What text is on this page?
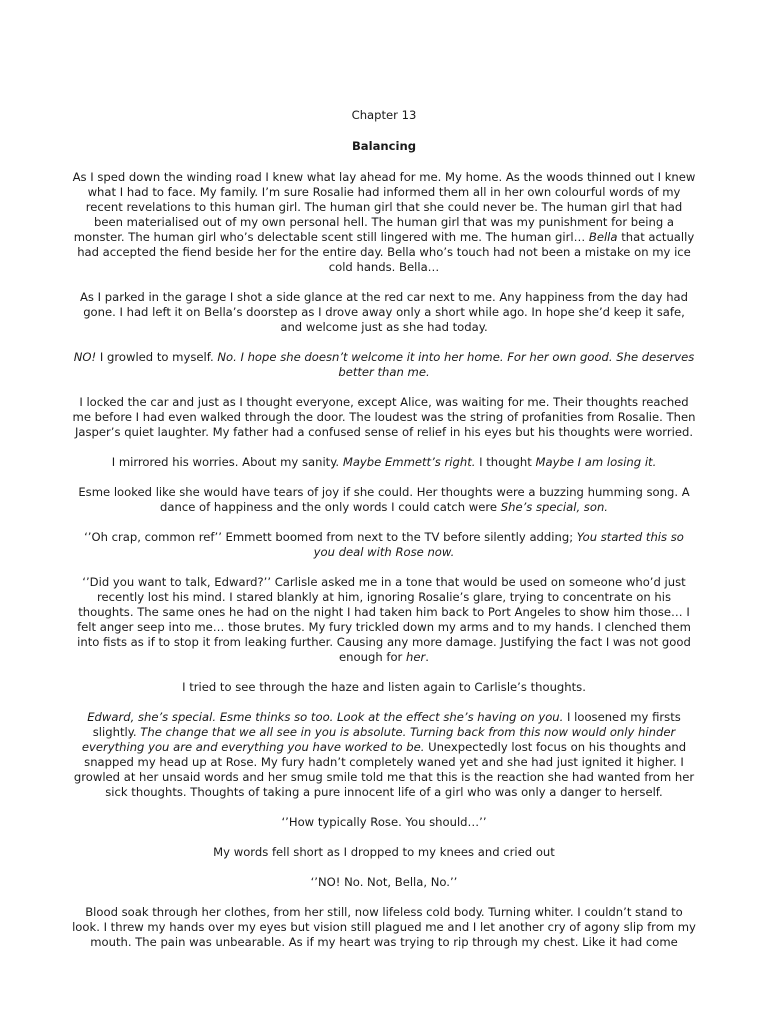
Chapter 13
Balancing

As I sped down the winding road I knew what lay ahead for me. My home. As the woods thinned out I knew what I had to face. My family. I’m sure Rosalie had informed them all in her own colourful words of my recent revelations to this human girl. The human girl that she could never be. The human girl that had been materialised out of my own personal hell. The human girl that was my punishment for being a monster. The human girl who’s delectable scent still lingered with me. The human girl… Bella that actually had accepted the fiend beside her for the entire day. Bella who’s touch had not been a mistake on my ice cold hands. Bella…

As I parked in the garage I shot a side glance at the red car next to me. Any happiness from the day had gone. I had left it on Bella’s doorstep as I drove away only a short while ago. In hope she’d keep it safe, and welcome just as she had today.

NO! I growled to myself. No. I hope she doesn’t welcome it into her home. For her own good. She deserves better than me.

I locked the car and just as I thought everyone, except Alice, was waiting for me. Their thoughts reached me before I had even walked through the door. The loudest was the string of profanities from Rosalie. Then Jasper’s quiet laughter. My father had a confused sense of relief in his eyes but his thoughts were worried.

I mirrored his worries. About my sanity. Maybe Emmett’s right. I thought Maybe I am losing it.

Esme looked like she would have tears of joy if she could. Her thoughts were a buzzing humming song. A dance of happiness and the only words I could catch were She’s special, son.

‘’Oh crap, common ref’’ Emmett boomed from next to the TV before silently adding; You started this so you deal with Rose now.

‘’Did you want to talk, Edward?’’ Carlisle asked me in a tone that would be used on someone who’d just recently lost his mind. I stared blankly at him, ignoring Rosalie’s glare, trying to concentrate on his thoughts. The same ones he had on the night I had taken him back to Port Angeles to show him those… I felt anger seep into me… those brutes. My fury trickled down my arms and to my hands. I clenched them into fists as if to stop it from leaking further. Causing any more damage. Justifying the fact I was not good enough for her.

I tried to see through the haze and listen again to Carlisle’s thoughts.

Edward, she’s special. Esme thinks so too. Look at the effect she’s having on you. I loosened my firsts slightly. The change that we all see in you is absolute. Turning back from this now would only hinder everything you are and everything you have worked to be. Unexpectedly lost focus on his thoughts and snapped my head up at Rose. My fury hadn’t completely waned yet and she had just ignited it higher. I growled at her unsaid words and her smug smile told me that this is the reaction she had wanted from her sick thoughts. Thoughts of taking a pure innocent life of a girl who was only a danger to herself.

‘’How typically Rose. You should…’’

My words fell short as I dropped to my knees and cried out

‘’NO! No. Not, Bella, No.’’

Blood soak through her clothes, from her still, now lifeless cold body. Turning whiter. I couldn’t stand to look. I threw my hands over my eyes but vision still plagued me and I let another cry of agony slip from my mouth. The pain was unbearable. As if my heart was trying to rip through my chest. Like it had come
